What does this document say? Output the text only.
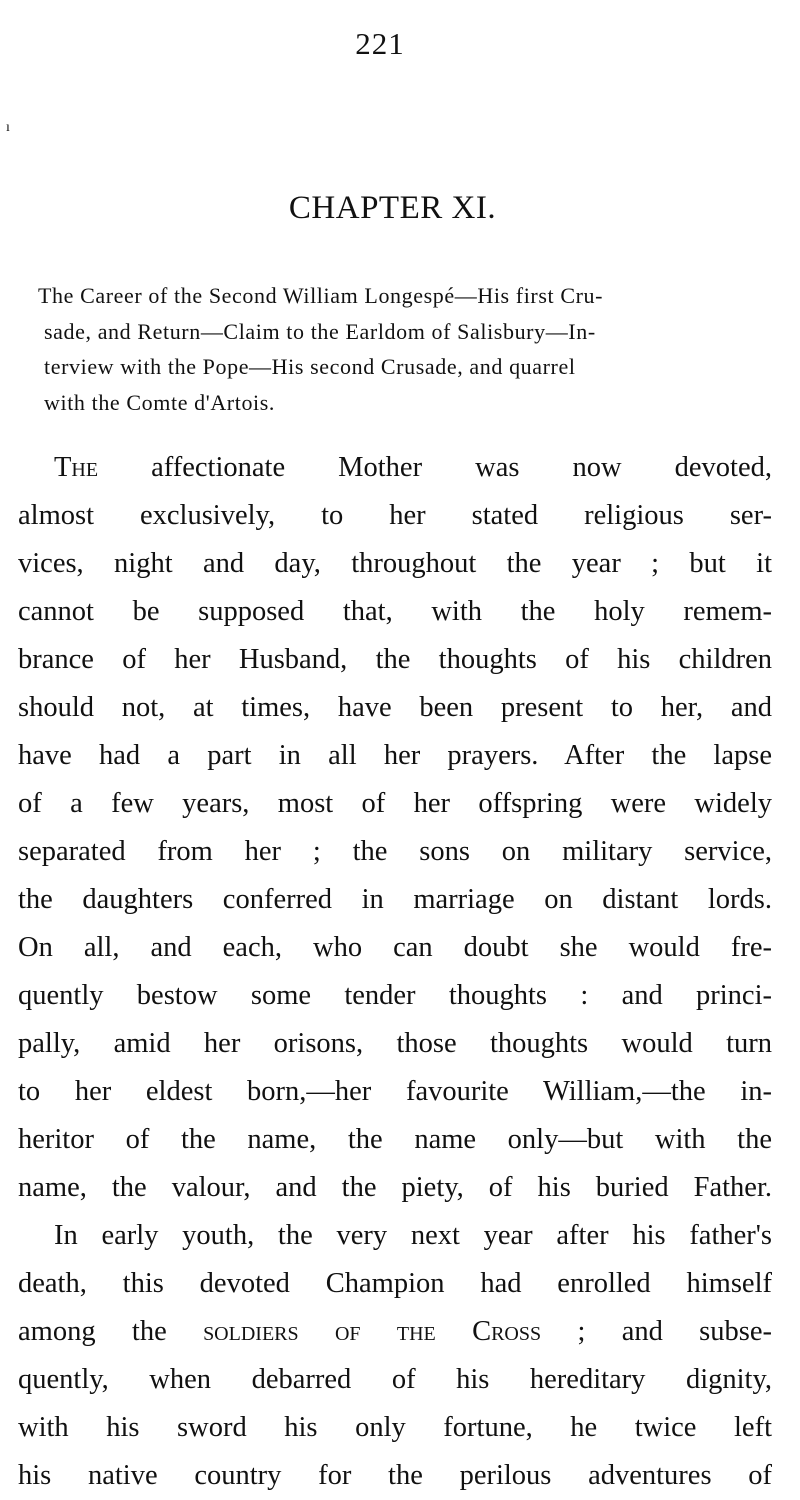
221
ı
CHAPTER XI.
The Career of the Second William Longespé—His first Cru-
sade, and Return—Claim to the Earldom of Salisbury—In-
terview with the Pope—His second Crusade, and quarrel
with the Comte d'Artois.

The affectionate Mother was now devoted,
almost exclusively, to her stated religious ser-
vices, night and day, throughout the year ; but it
cannot be supposed that, with the holy remem-
brance of her Husband, the thoughts of his children
should not, at times, have been present to her, and
have had a part in all her prayers. After the lapse
of a few years, most of her offspring were widely
separated from her ; the sons on military service,
the daughters conferred in marriage on distant lords.
On all, and each, who can doubt she would fre-
quently bestow some tender thoughts : and princi-
pally, amid her orisons, those thoughts would turn
to her eldest born,—her favourite William,—the in-
heritor of the name, the name only—but with the
name, the valour, and the piety, of his buried Father.

In early youth, the very next year after his father's
death, this devoted Champion had enrolled himself
among the soldiers of the Cross ; and subse-
quently, when debarred of his hereditary dignity,
with his sword his only fortune, he twice left
his native country for the perilous adventures of
